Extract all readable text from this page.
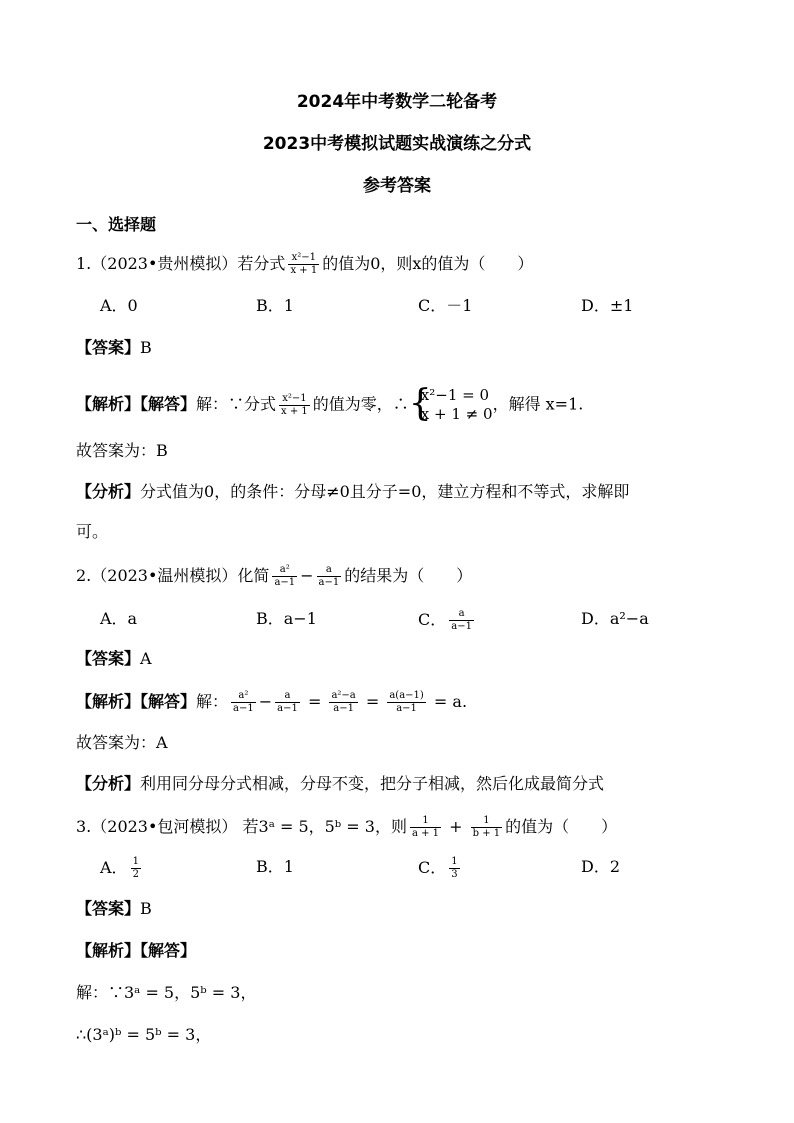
2024年中考数学二轮备考
2023中考模拟试题实战演练之分式
参考答案
一、选择题
1.（2023•贵州模拟）若分式 $\frac{\text{x²−1}}{x + 1}$ 的值为0，则x的值为（　　）
A．0	B．1	C．－1	D．±1
【答案】B
【解析】【解答】解：∵分式 $\frac{\text{x²−1}}{x + 1}$ 的值为零，∴ {
x²−1 = 0
x + 1 ≠ 0
，解得 x=1.
故答案为：B
【分析】分式值为0，的条件：分母≠0且分子=0，建立方程和不等式，求解即
可。
2.（2023•温州模拟）化简 $\frac{\text{a²}}{a-1} - \frac{a}{a-1}$ 的结果为（　　）
A．a	B．a−1	C． $\frac{a}{a-1}$	D．a²−a
【答案】A
【解析】【解答】解： $\frac{\text{a²}}{a-1} - \frac{a}{a-1} = \frac{\text{a²−a}}{a-1} = \frac{a(a-1)}{a-1} = a$.
故答案为：A
【分析】利用同分母分式相减，分母不变，把分子相减，然后化成最简分式
3.（2023•包河模拟） 若3ᵃ = 5，5ᵇ = 3，则 $\frac{1}{a + 1} + \frac{1}{b + 1}$ 的值为（　　）
A． $\frac{1}{2}$	B．1	C． $\frac{1}{3}$	D．2
【答案】B
【解析】【解答】
解：∵3ᵃ = 5，5ᵇ = 3，
∴(3ᵃ)ᵇ = 5ᵇ = 3，
